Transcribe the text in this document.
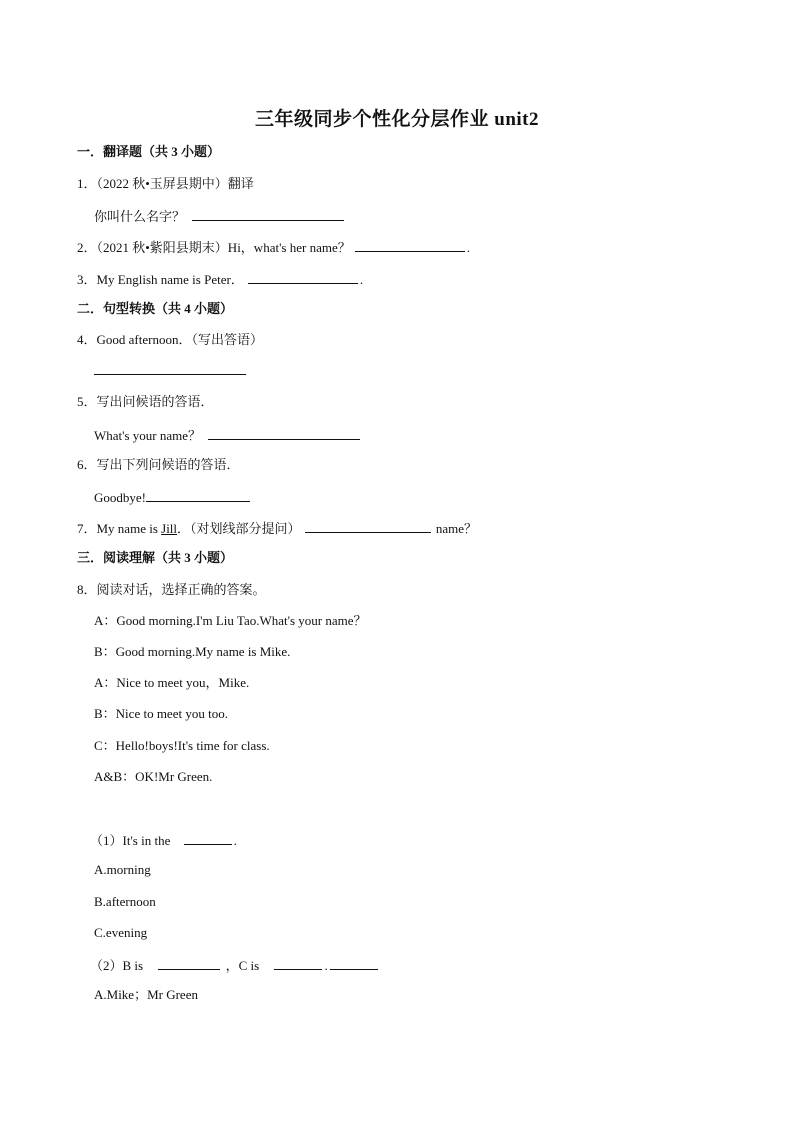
三年级同步个性化分层作业 unit2
一．翻译题（共 3 小题）
1．（2022 秋•玉屏县期中）翻译
你叫什么名字？
2．（2021 秋•紫阳县期末）Hi，what's her name？	.
3．My English name is Peter．	.
二．句型转换（共 4 小题）
4．Good afternoon．（写出答语）
5．写出问候语的答语．
What's your name？
6．写出下列问候语的答语．
Goodbye!
7．My name is Jill．（对划线部分提问）	name？
三．阅读理解（共 3 小题）
8．阅读对话，选择正确的答案。
A：Good morning.I'm Liu Tao.What's your name？
B：Good morning.My name is Mike.
A：Nice to meet you，Mike.
B：Nice to meet you too.
C：Hello!boys!It's time for class.
A&B：OK!Mr Green.
（1）It's in the	.
A.morning
B.afternoon
C.evening
（2）B is	，C is	.
A.Mike；Mr Green
